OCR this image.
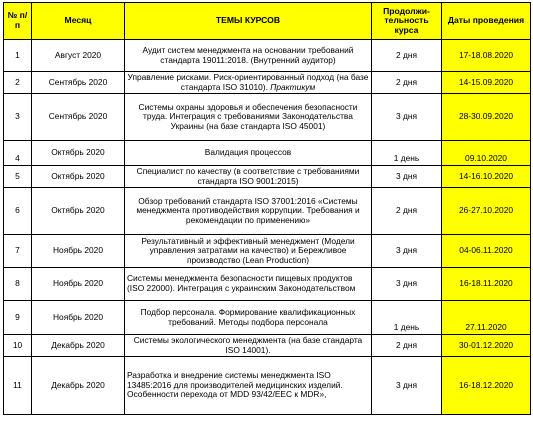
№ п/п	Месяц	ТЕМЫ КУРСОВ	Продолжи-тельность курса	Даты проведения
1	Август 2020	Аудит систем менеджмента на основании требований стандарта 19011:2018. (Внутренний аудитор)	2 дня	17-18.08.2020
2	Сентябрь 2020	Управление рисками. Риск-ориентированный подход (на базе стандарта ISO 31010). Практикум	2 дня	14-15.09.2020
3	Сентябрь 2020	Системы охраны здоровья и обеспечения безопасности труда. Интеграция с требованиями Законодательства Украины (на базе стандарта ISO 45001)	3 дня	28-30.09.2020
4	Октябрь 2020	Валидация процессов	1 день	09.10.2020
5	Октябрь 2020	Специалист по качеству (в соответствие с требованиями стандарта ISO 9001:2015)	3 дня	14-16.10.2020
6	Октябрь 2020	Обзор требований стандарта ISO 37001:2016 «Системы менеджмента противодействия коррупции. Требования и рекомендации по применению»	2 дня	26-27.10.2020
7	Ноябрь 2020	Результативный и эффективный менеджмент (Модели управления затратами на качество) и Бережливое производство (Lean Production)	3 дня	04-06.11.2020
8	Ноябрь 2020	Системы менеджмента безопасности пищевых продуктов (ISO 22000). Интеграция с украинским Законодательством	3 дня	16-18.11.2020
9	Ноябрь 2020	Подбор персонала. Формирование квалификационных требований. Методы подбора персонала	1 день	27.11.2020
10	Декабрь 2020	Системы экологического менеджмента (на базе стандарта ISO 14001).	2 дня	30-01.12.2020
11	Декабрь 2020	Разработка и внедрение системы менеджмента ISO 13485:2016 для производителей медицинских изделий. Особенности перехода от MDD 93/42/EEC к MDR»,	3 дня	16-18.12.2020
